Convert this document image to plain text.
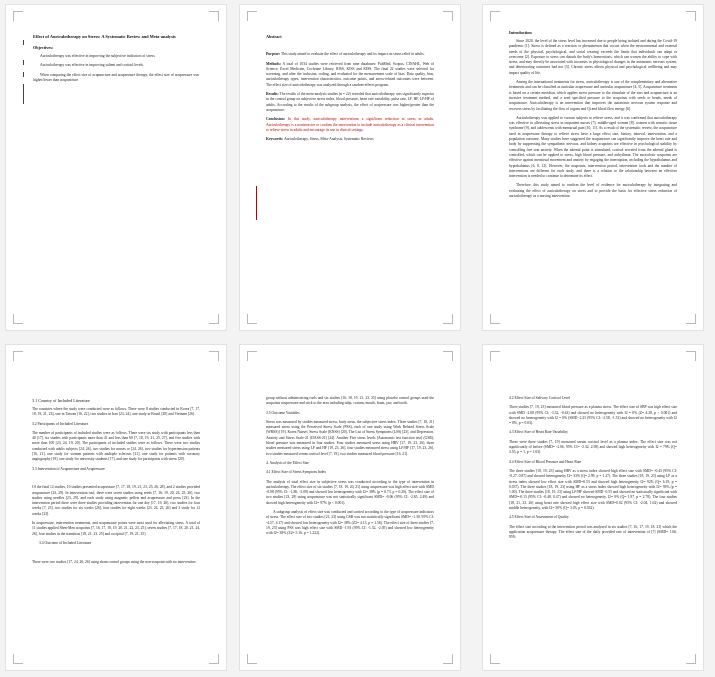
Effect of Auriculotherapy on Stress: A Systematic Review and Meta-analysis
Objectives:

Auriculotherapy was effective in improving the subjective indicators of stress.

Auriculotherapy was effective in improving salient and cortisol levels.

When comparing the effect size of acupuncture and acupressure therapy, the effect size of acupressure was higher/lower than acupuncture.

Abstract

Purpose: This study aimed to evaluate the effect of auriculotherapy and its impact on stress relief in adults.

Methods: A total of 1034 studies were retrieved from nine databases: PubMed, Scopus, CINAHL, Web of Science, Excel Medicine, Cochrane Library, RISS, KISS and KISS. The final 22 studies were selected for screening, and after the inclusion, coding, and evaluated for the measurement scale of bias. Data quality, bias, auriculotherapy types, intervention characteristics, outcome points, and stress-related outcomes were between. The effect size of auriculotherapy was analyzed through a random-effects program.

Results: The results of the meta-analysis studies (n = 22) revealed that auriculotherapy was significantly superior in the control group on subjective stress index, blood pressure, heart rate variability, pulse rate, LF, HF, LF/HF of adults. According to the results of the subgroup analysis, the effect of acupressure was higher/greater than the acupuncture.

Conclusion: In this study, auriculotherapy interventions a significant reduction in stress in adults. Auriculotherapy is a noninvasive to confirm the intervention to include auriculotherapy as a clinical intervention to relieve stress in adults and encourage its use in clinical settings.

Keywords: Auriculotherapy, Stress, Meta-Analysis, Systematic Reviews

Introduction

Since 2020, the level of the stress level has increased due to people being isolated and during the Covid-19 pandemic [1]. Stress is defined as a reaction or phenomenon that occurs when the environmental and external needs of the physical, psychological, and social wearing exceeds the limits that individuals can adapt or overcome [2]. Exposure to stress can disturb the body's homeostasis, which can worsen the ability to cope with stress, and may directly be associated with increases in physiological changes in the autonomic nervous system, and deteriorating outcomes had not [3]. Chronic stress affects physical and psychological wellbeing and may impact quality of life.

Among the international treatments for stress, auriculotherapy is one of the complementary and alternative treatments and can be classified as auricular acupressure and auricular acupuncture [4, 5]. Acupuncture treatment is based on a certain meridian, which applies stress pressure to the stimulate of the ears and acupuncture is an invasive treatment method, and a seed specified pressure to the acupoints with seeds or beads, needs of acupuncture. Auriculotherapy is an intervention that improves the autonomic nervous system response and recovers stress by facilitating the flow of organs and Qi and blood flow energy [6].

Auriculotherapy was applied to various subjects to relieve stress, and it was confirmed that auriculotherapy was effective in alleviating stress in outpatient nurses [7], middle-aged women [8], women with somatic tissue syndrome [9], and adolescents with menstrual pain [10, 11]. As a result of the systematic review, the acupuncture used in acupressure therapy to relieve stress have a large effect size, history, interval, intervention, and a population outcome. Many studies have suggested the acupuncture can significantly improve the heart rate and body by suppressing the sympathetic nervous, and kidney acupoints are effective in psychological stability by controlling free seat anxiety. When the adrenal point is stimulated, cortisol secreted from the adrenal gland is controlled, which can be applied to stress, high blood pressure, and arrhythmia. The auriculotic acupoints are effective against menstrual movement and anxiety by engaging the interruption, including the hypothalamus and hypothalamus [6, 8, 12]. However, the acupoints, intervention period, intervention tools and the number of interventions are different for each study, and there is a relation to the relationship between an effective intervention is needed to continue to determine its effect.

Therefore, this study aimed to confirm the level of evidence for auriculotherapy by integrating and evaluating the effect of auriculotherapy on stress and to provide the basis for effective stress reduction of auriculotherapy as a nursing intervention.

3.1 Country of Included Literature

The countries where the study were conducted were as follows. There were 8 studies conducted in Korea [7, 17, 18, 19, 21, 23], one in Taiwan [16, 22], two studies in Iran [23, 24], one study in Brazil [20] and Vietnam [26].

3.2 Participants of Included Literature

The number of participants of included studies were as follows. There were six study with participants less than 40 [17], six studies with participants more than 41 and less than 60 [7, 18, 19, 21, 25, 27], and five studies with more than 100 [23, 24, 19, 20]. The participants of included studies were as follows. There were two studies conducted with adults subjects [24, 26], two studies for nurses or [24, 26], two studies for hypertension patients [16, 21], one study for women patients with multiple sclerosis [21], one study for patients with coronary angiography [19], one study for university students [17], and one study for participants with stress [20].

3.3 Intervention of Acupuncture and Acupressure

Of the final 12 studies, 10 studies presented acupressure [7, 17, 18, 19, 21, 23, 25, 26, 28], and 2 studies provided acupuncture [23, 29]. In intervention tool, there were seven studies using seeds [7, 16, 19, 20, 24, 25, 26], two studies using needles [23, 29], and each study using magnetic pellets and acupressure and press [23]. In the intervention period there were three studies providing intervention for one day [17, 19, 20], two studies for four weeks [7, 23], two studies for six weeks [26], four studies for eight weeks [23, 24, 25, 26] and 3 study for 12 weeks [23].

In acupressure, intervention treatments, and acupuncture points were most used for alleviating stress. A total of 11 studies applied Shen-Men acupoints [7, 16, 17, 18, 19, 20, 21, 22, 23, 25], seven studies [7, 17, 18, 20, 21, 24, 26], four studies in the transition [18, 21, 23, 25] and occipital [7, 19, 21, 25].

3.4 Outcome of Included Literature

There were two studies [17, 24, 26, 26] using sham control groups using the non-acupoint with no intervention

group without administering tools and six studies [16, 18, 19, 21, 23, 25] using placebo control groups used the acupoints acupressure and stick to the area including tulip, corium, mouth, brain, jaw, and tooth.

3.5 Outcome Variables

Stress was measured by studies measured stress, body areas, the subjective stress index. Three studies [7, 18, 21] measured stress using the Perceived Stress Scale (PSS), each of one study using Work Related Stress Scale (WRSS) [19], Korea Nurses' Stress Scale (KNSS) [20], The List of Stress Symptoms (LSS) [23], and Depression, Anxiety and Stress Scale-21 (DASS-21) [24]. Another Five stress levels [Autonomic test function test] (GSR), blood pressure was measured in four studies. Four studies measured stress using HRV [17, 19, 23, 26], three studies measured stress using LF and HF [19, 23, 26], four studies measured stress using LF/HF [17, 19, 23, 26], two studies measured serum cortisol level [7, 19], two studies measured blood pressure [16, 21].

4. Analysis of the Effect Size

4.1 Effect Size of Stress Symptom Index

The analysis of total effect size in subjective stress was conducted according to the type of intervention in auriculotherapy. The effect size of six studies [7, 18, 19, 20, 21] using acupressure was high effect size with SMD -0.98 (95% CI: -1.86, -3.09) and showed low heterogeneity with I2= 38% (p = 0.73, p = 0.20). The effect size of two studies [23, 29] using acupuncture was not statistically significant SMD= -0.06 (95% CI: -2.65, 2.49) and showed high heterogeneity with I2= 97% (p < 0.001).

A subgroup analysis of effect size was conducted and carried according to the type of acupressure indicators of stress. The effect size of two studies [21, 23] using GSR was not statistically significant SMD= -1.30, 95% CI: -4.57, 4.17) and showed low heterogeneity with I2= 38% (Z2= 4.13, p = 1.56). The effect size of three studies [7, 19, 23] using PSS was high effect size with SMD -1.93 (95% CI: -1.32, -2.05) and showed low heterogeneity with I2= 38% (Z2= 5.16, p = 1.222).

4.2 Effect Size of Salivary Cortisol Level

Three studies [7, 19, 23] measured blood pressure as a plasma stress. The effect size of SBP was high effect size with SMD -2.08 (95% CI: -3.32, -0.43) and showed no heterogeneity with I2 = 0% (Z= 4.28, p < 0.001) and showed no heterogeneity with I2 = 0% (SMD -2.23 (95% CI: -2.58, -1.52) and showed no heterogeneity with I2 = 0%, p = 0.03).

4.3 Effect Size of Heart Rate Variability

These were three studies [7, 19] measured serum cortisol level as a plasma index. The effect size was not significantly of before (SMD= -2.06, 95% CI= -2.32, 2.58) and showed high heterogeneity with I2 = 79% (Q= 3.55, p = 1, p = 1.03).

4.4 Effect Size of Blood Pressure and Heart Rate

The three studies [18, 19, 23] using HRV as a stress index showed high effect size with SMD= -0.43 (95% CI: -0.27, 0.87) and showed heterogeneity I2= 33% (Q= 2.99, p = 1.27). The three studies [18, 19, 23] using LF as a stress index showed low effect size with SMD=0.53 and showed high heterogeneity I2= 92% (Q= 6.19, p = 0.037). The three studies [18, 19, 23] using HF as a stress index showed high heterogeneity with I2= 93% (p = 1.00). The three studies [18, 19, 23] using LF/HF showed SMD -0.55 and showed no statistically significant with SMD=-0.13 (95% CI: -0.48, 0.47) and showed no heterogeneity, I2= 0% (Q= 1.97, p = 2.78). The four studies [18, 21, 23, 26] using heart rate showed high effect size with SMD=0.02 (95% CI: -2.04, 1.62) and showed middle heterogeneity, with I2= 50% (Q= 3.03, p = 0.032).

4.5 Effect Size of Assessment of Quality

The effect size according to the intervention period was analyzed in six studies [7, 16, 17, 19, 18, 21] which the application acupressure therapy. The effect size of the daily provided rate of intervention of [7] (SMD= 1.66, 95%
